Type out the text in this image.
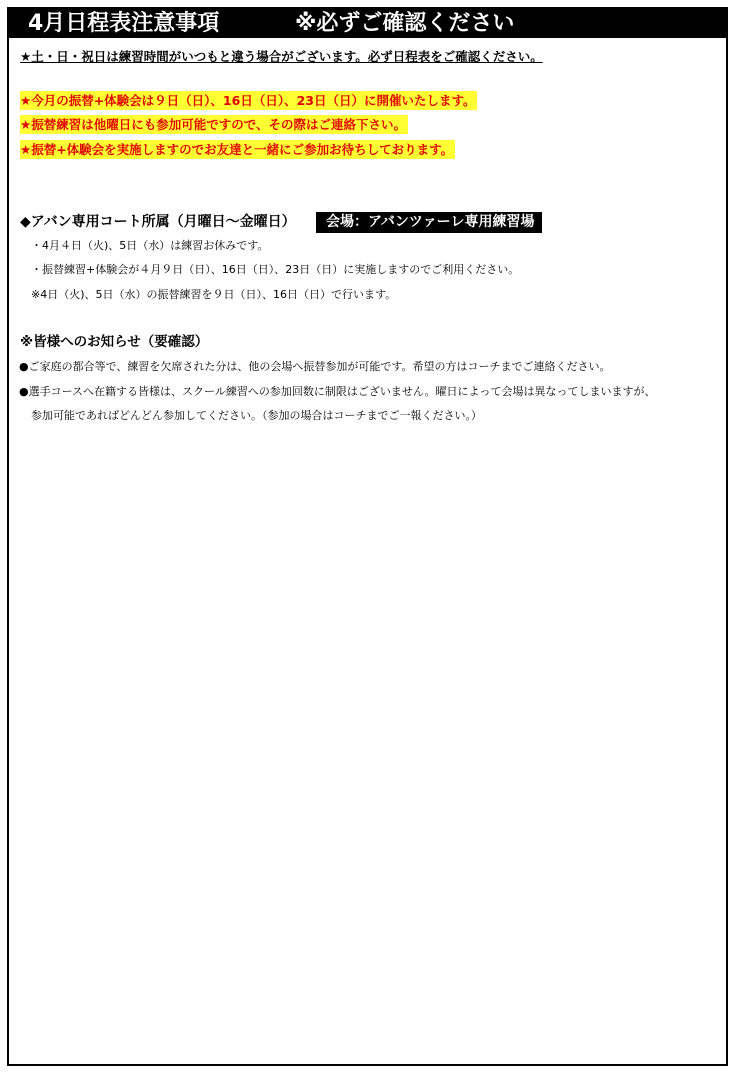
4月日程表注意事項	※必ずご確認ください
★土・日・祝日は練習時間がいつもと違う場合がございます。必ず日程表をご確認ください。
★今月の振替+体験会は９日（日）、16日（日）、23日（日）に開催いたします。
★振替練習は他曜日にも参加可能ですので、その際はご連絡下さい。
★振替+体験会を実施しますのでお友達と一緒にご参加お待ちしております。
◆アバン専用コート所属（月曜日～金曜日）	会場：アバンツァーレ専用練習場
・4月４日（火)、5日（水）は練習お休みです。
・振替練習+体験会が４月９日（日）、16日（日）、23日（日）に実施しますのでご利用ください。
※4日（火)、5日（水）の振替練習を９日（日）、16日（日）で行います。
※皆様へのお知らせ（要確認）
●ご家庭の都合等で、練習を欠席された分は、他の会場へ振替参加が可能です。希望の方はコーチまでご連絡ください。
●選手コースへ在籍する皆様は、スクール練習への参加回数に制限はございません。曜日によって会場は異なってしまいますが、
参加可能であればどんどん参加してください。（参加の場合はコーチまでご一報ください。）
